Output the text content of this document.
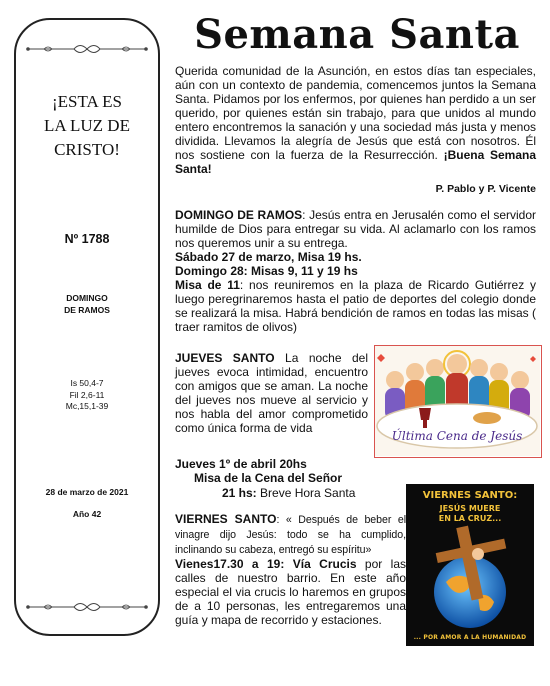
Semana Santa
¡ESTA ES
LA LUZ DE
CRISTO!
Nº 1788
DOMINGO
DE RAMOS
Is 50,4-7
Fil 2,6-11
Mc,15,1-39
28 de marzo de 2021
Año 42

Querida comunidad de la Asunción, en estos días tan especiales, aún con un contexto de pandemia, comencemos juntos la Semana Santa. Pidamos por los enfermos, por quienes han perdido a un ser querido, por quienes están sin trabajo, para que unidos al mundo entero encontremos la sanación y una sociedad más justa y menos dividida. Llevamos la alegría de Jesús que está con nosotros. Él nos sostiene con la fuerza de la Resurrección. ¡Buena Semana Santa!

P. Pablo y P. Vicente

DOMINGO DE RAMOS: Jesús entra en Jerusalén como el servidor humilde de Dios para entregar su vida. Al aclamarlo con los ramos nos queremos unir a su entrega.
Sábado 27 de marzo, Misa 19 hs.
Domingo 28: Misas 9, 11 y 19 hs
Misa de 11: nos reuniremos en la plaza de Ricardo Gutiérrez y luego peregrinaremos hasta el patio de deportes del colegio donde se realizará la misa. Habrá bendición de ramos en todas las misas ( traer ramitos de olivos)

JUEVES SANTO La noche del jueves evoca intimidad, encuentro con amigos que se aman. La noche del jueves nos mueve al servicio y nos habla del amor comprometido como única forma de vida

Jueves 1º de abril 20hs
Misa de la Cena del Señor
21 hs: Breve Hora Santa
Última Cena de Jesús

VIERNES SANTO: « Después de beber el vinagre dijo Jesús: todo se ha cumplido, inclinando su cabeza, entregó su espíritu»
Vienes17.30 a 19: Vía Crucis por las calles de nuestro barrio. En este año especial el via crucis lo haremos en grupos de a 10 personas, les entregaremos una guía y mapa de recorrido y estaciones.

VIERNES SANTO:
JESÚS MUERE
EN LA CRUZ...
... POR AMOR A LA HUMANIDAD
